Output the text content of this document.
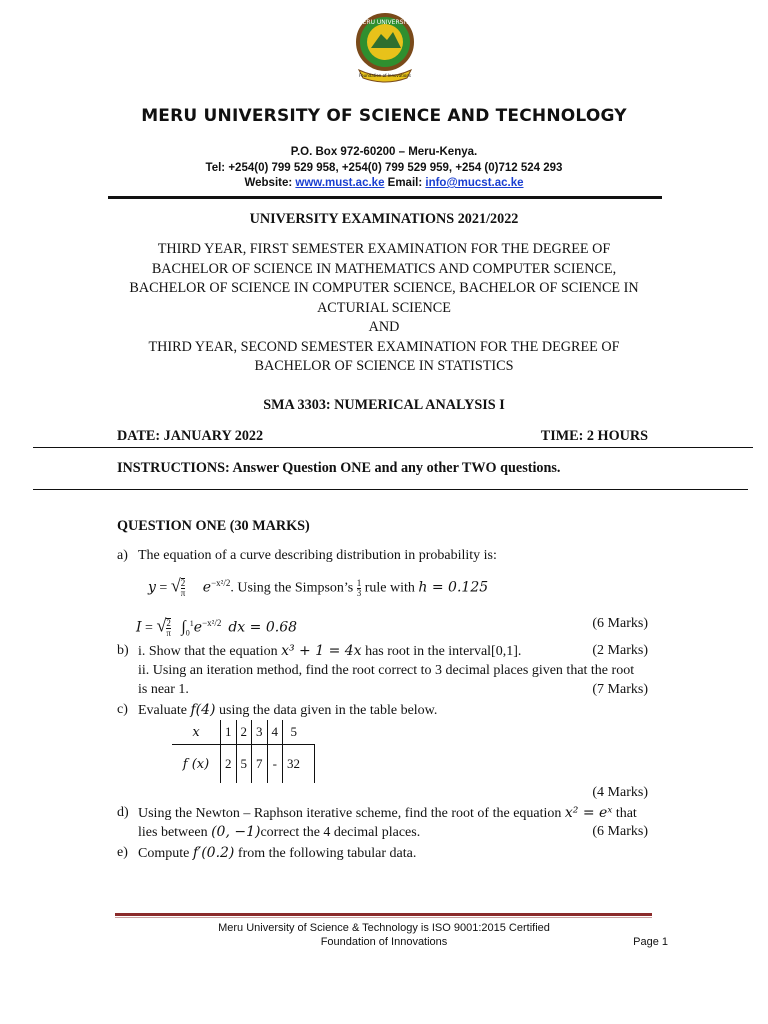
MERU UNIVERSITY
Foundation of Innovations
MERU UNIVERSITY OF SCIENCE AND TECHNOLOGY
P.O. Box 972-60200 – Meru-Kenya.
Tel: +254(0) 799 529 958, +254(0) 799 529 959, +254 (0)712 524 293
Website: www.must.ac.ke Email: info@mucst.ac.ke
UNIVERSITY EXAMINATIONS 2021/2022
THIRD YEAR, FIRST SEMESTER EXAMINATION FOR THE DEGREE OF
BACHELOR OF SCIENCE IN MATHEMATICS AND COMPUTER SCIENCE,
BACHELOR OF SCIENCE IN COMPUTER SCIENCE, BACHELOR OF SCIENCE IN
ACTURIAL SCIENCE
AND
THIRD YEAR, SECOND SEMESTER EXAMINATION FOR THE DEGREE OF
BACHELOR OF SCIENCE IN STATISTICS
SMA 3303: NUMERICAL ANALYSIS I
DATE: JANUARY 2022	TIME: 2 HOURS
INSTRUCTIONS: Answer Question ONE and any other TWO questions.
QUESTION ONE (30 MARKS)
a) The equation of a curve describing distribution in probability is:
y = √ $\frac{2}{\pi} e^{-x^2/2}$. Using the Simpson’s $\frac{1}{3}$ rule with h = 0.125
I = √ $\frac{2}{\pi} \int_0^1e^{-x^2/2}$ dx = 0.68	(6 Marks)
b) i. Show that the equation x³ + 1 = 4x has root in the interval[0,1].	(2 Marks)
ii. Using an iteration method, find the root correct to 3 decimal places given that the root
is near 1.	(7 Marks)
c) Evaluate f(4) using the data given in the table below.
x	1	2	3	4	5
f (x)	2	5	7	-	32
(4 Marks)
d) Using the Newton – Raphson iterative scheme, find the root of the equation x² = eˣ that
lies between (0, −1)correct the 4 decimal places.	(6 Marks)
e) Compute f′(0.2) from the following tabular data.
Meru University of Science & Technology is ISO 9001:2015 Certified
Foundation of Innovations	Page 1
